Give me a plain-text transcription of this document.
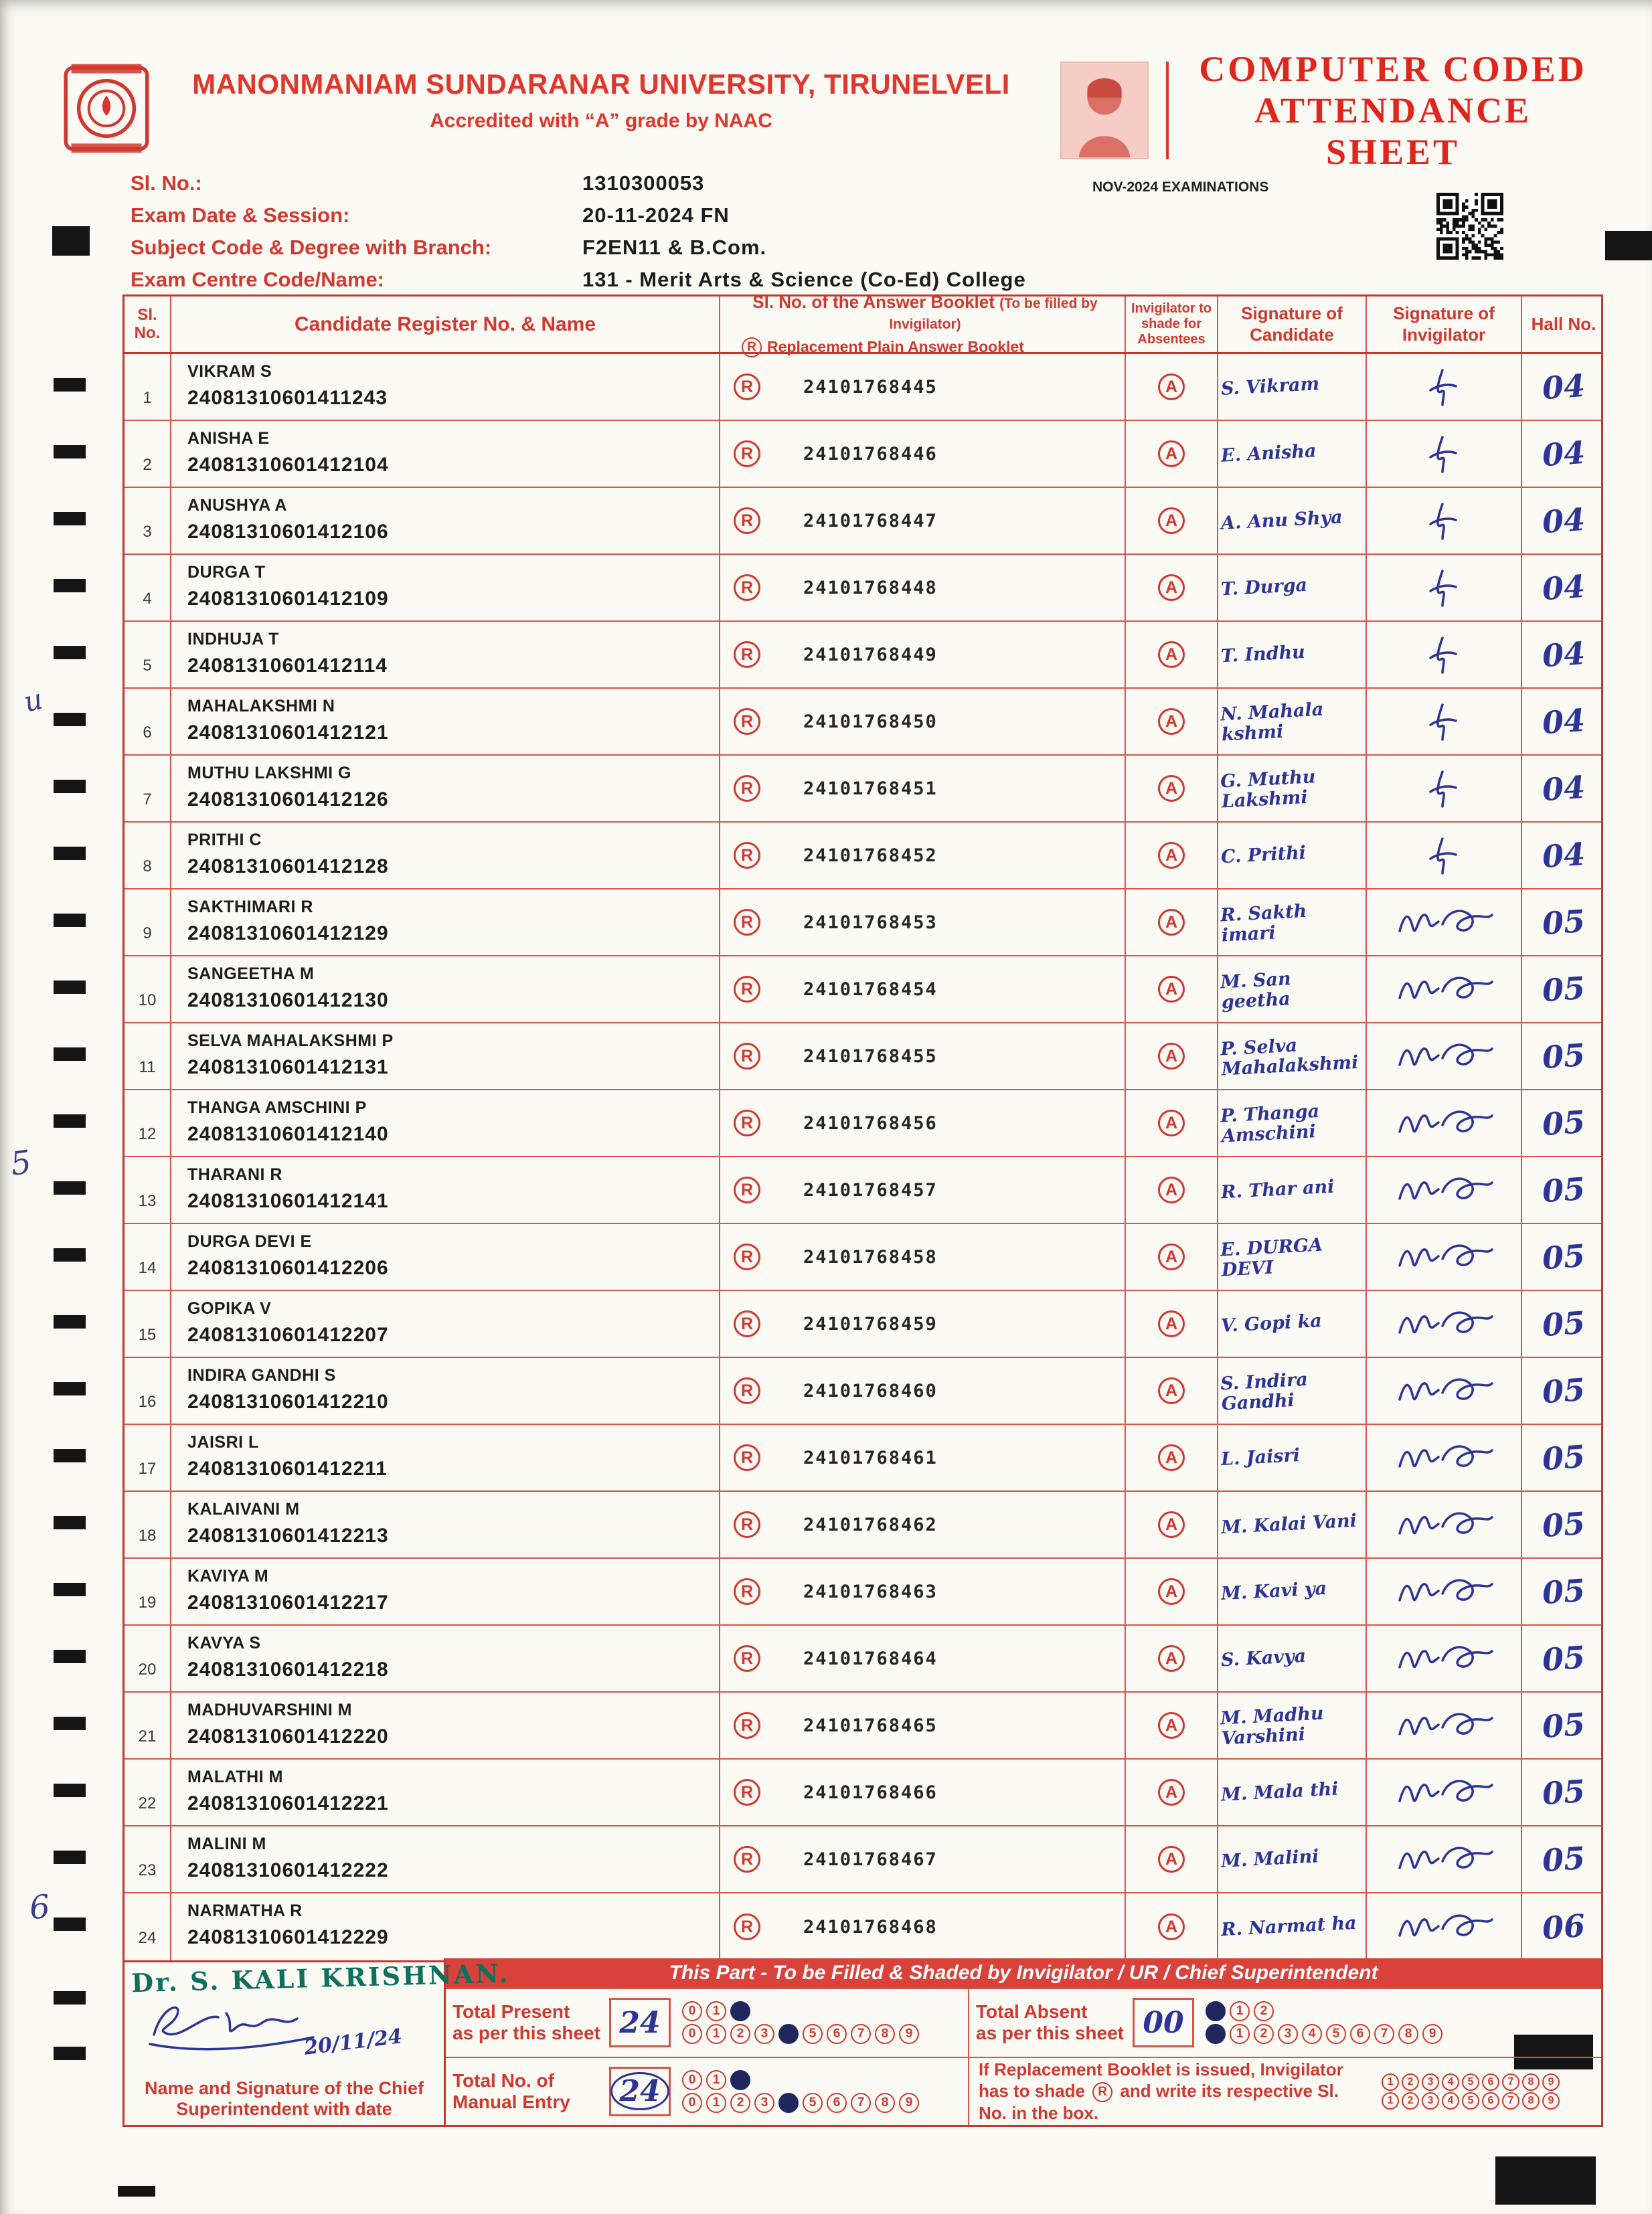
MANONMANIAM SUNDARANAR UNIVERSITY, TIRUNELVELI
Accredited with “A” grade by NAAC
COMPUTER CODED
ATTENDANCE SHEET
Sl. No.:	1310300053
Exam Date & Session:	20-11-2024 FN
Subject Code & Degree with Branch:	F2EN11 & B.Com.
Exam Centre Code/Name:	131 - Merit Arts & Science (Co-Ed) College
NOV-2024 EXAMINATIONS
Sl. No.	Candidate Register No. & Name
Sl. No. of the Answer Booklet (To be filled by Invigilator)
R Replacement Plain Answer Booklet
Invigilator to shade for Absentees
Signature of Candidate
Signature of Invigilator
Hall No.
1
VIKRAM S
24081310601411243
R	24101768445	A	S. Vikram	04
2
ANISHA E
24081310601412104
R	24101768446	A	E. Anisha	04
3
ANUSHYA A
24081310601412106
R	24101768447	A	A. Anu Shya	04
4
DURGA T
24081310601412109
R	24101768448	A	T. Durga	04
5
INDHUJA T
24081310601412114
R	24101768449	A	T. Indhu	04
6
MAHALAKSHMI N
24081310601412121
R	24101768450	A	N. Mahala kshmi	04
7
MUTHU LAKSHMI G
24081310601412126
R	24101768451	A	G. Muthu Lakshmi	04
8
PRITHI C
24081310601412128
R	24101768452	A	C. Prithi	04
9
SAKTHIMARI R
24081310601412129
R	24101768453	A	R. Sakth imari	05
10
SANGEETHA M
24081310601412130
R	24101768454	A	M. San geetha	05
11
SELVA MAHALAKSHMI P
24081310601412131
R	24101768455	A	P. Selva Mahalakshmi	05
12
THANGA AMSCHINI P
24081310601412140
R	24101768456	A	P. Thanga Amschini	05
13
THARANI R
24081310601412141
R	24101768457	A	R. Thar ani	05
14
DURGA DEVI E
24081310601412206
R	24101768458	A	E. DURGA DEVI	05
15
GOPIKA V
24081310601412207
R	24101768459	A	V. Gopi ka	05
16
INDIRA GANDHI S
24081310601412210
R	24101768460	A	S. Indira Gandhi	05
17
JAISRI L
24081310601412211
R	24101768461	A	L. Jaisri	05
18
KALAIVANI M
24081310601412213
R	24101768462	A	M. Kalai Vani	05
19
KAVIYA M
24081310601412217
R	24101768463	A	M. Kavi ya	05
20
KAVYA S
24081310601412218
R	24101768464	A	S. Kavya	05
21
MADHUVARSHINI M
24081310601412220
R	24101768465	A	M. Madhu Varshini	05
22
MALATHI M
24081310601412221
R	24101768466	A	M. Mala thi	05
23
MALINI M
24081310601412222
R	24101768467	A	M. Malini	05
24
NARMATHA R
24081310601412229	R	24101768468	A	R. Narmat ha	06
Dr. S. KALI KRISHNAN.
20/11/24
Name and Signature of the Chief Superintendent with date
This Part - To be Filled & Shaded by Invigilator / UR / Chief Superintendent
Total Present
as per this sheet 24	0	1
0	1	2	3	5	6	7	8	9
Total Absent
as per this sheet 00	1	2
1	2	3	4	5	6	7	8	9
Total No. of
Manual Entry	24	0	1
0	1	2	3	5	6	7	8	9
If Replacement Booklet is issued, Invigilator has to shade R and write its respective Sl. No. in the box.
1	2	3	4	5	6	7	8	9
1	2	3	4	5	6	7	8	9
u
5
6
